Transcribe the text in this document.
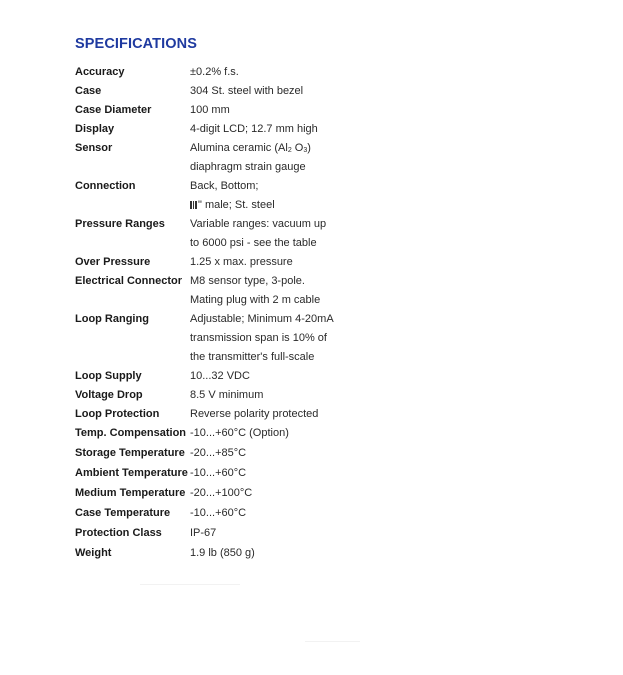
SPECIFICATIONS
Accuracy	±0.2% f.s.

Case	304 St. steel with bezel

Case Diameter	100 mm

Display	4-digit LCD; 12.7 mm high

Sensor	Alumina ceramic ($Al_2$ $O_3$)
diaphragm strain gauge

Connection	Back, Bottom;
" male; St. steel

Pressure Ranges	Variable ranges: vacuum up
to 6000 psi - see the table

Over Pressure	1.25 x max. pressure

Electrical Connector	M8 sensor type, 3-pole.
Mating plug with 2 m cable

Loop Ranging	Adjustable; Minimum 4-20mA
transmission span is 10% of
the transmitter's full-scale

Loop Supply	10...32 VDC

Voltage Drop	8.5 V minimum

Loop Protection	Reverse polarity protected

Temp. Compensation	-10...+60°C (Option)

Storage Temperature	-20...+85°C

Ambient Temperature	-10...+60°C

Medium Temperature	-20...+100°C

Case Temperature	-10...+60°C

Protection Class	IP-67

Weight	1.9 lb (850 g)
